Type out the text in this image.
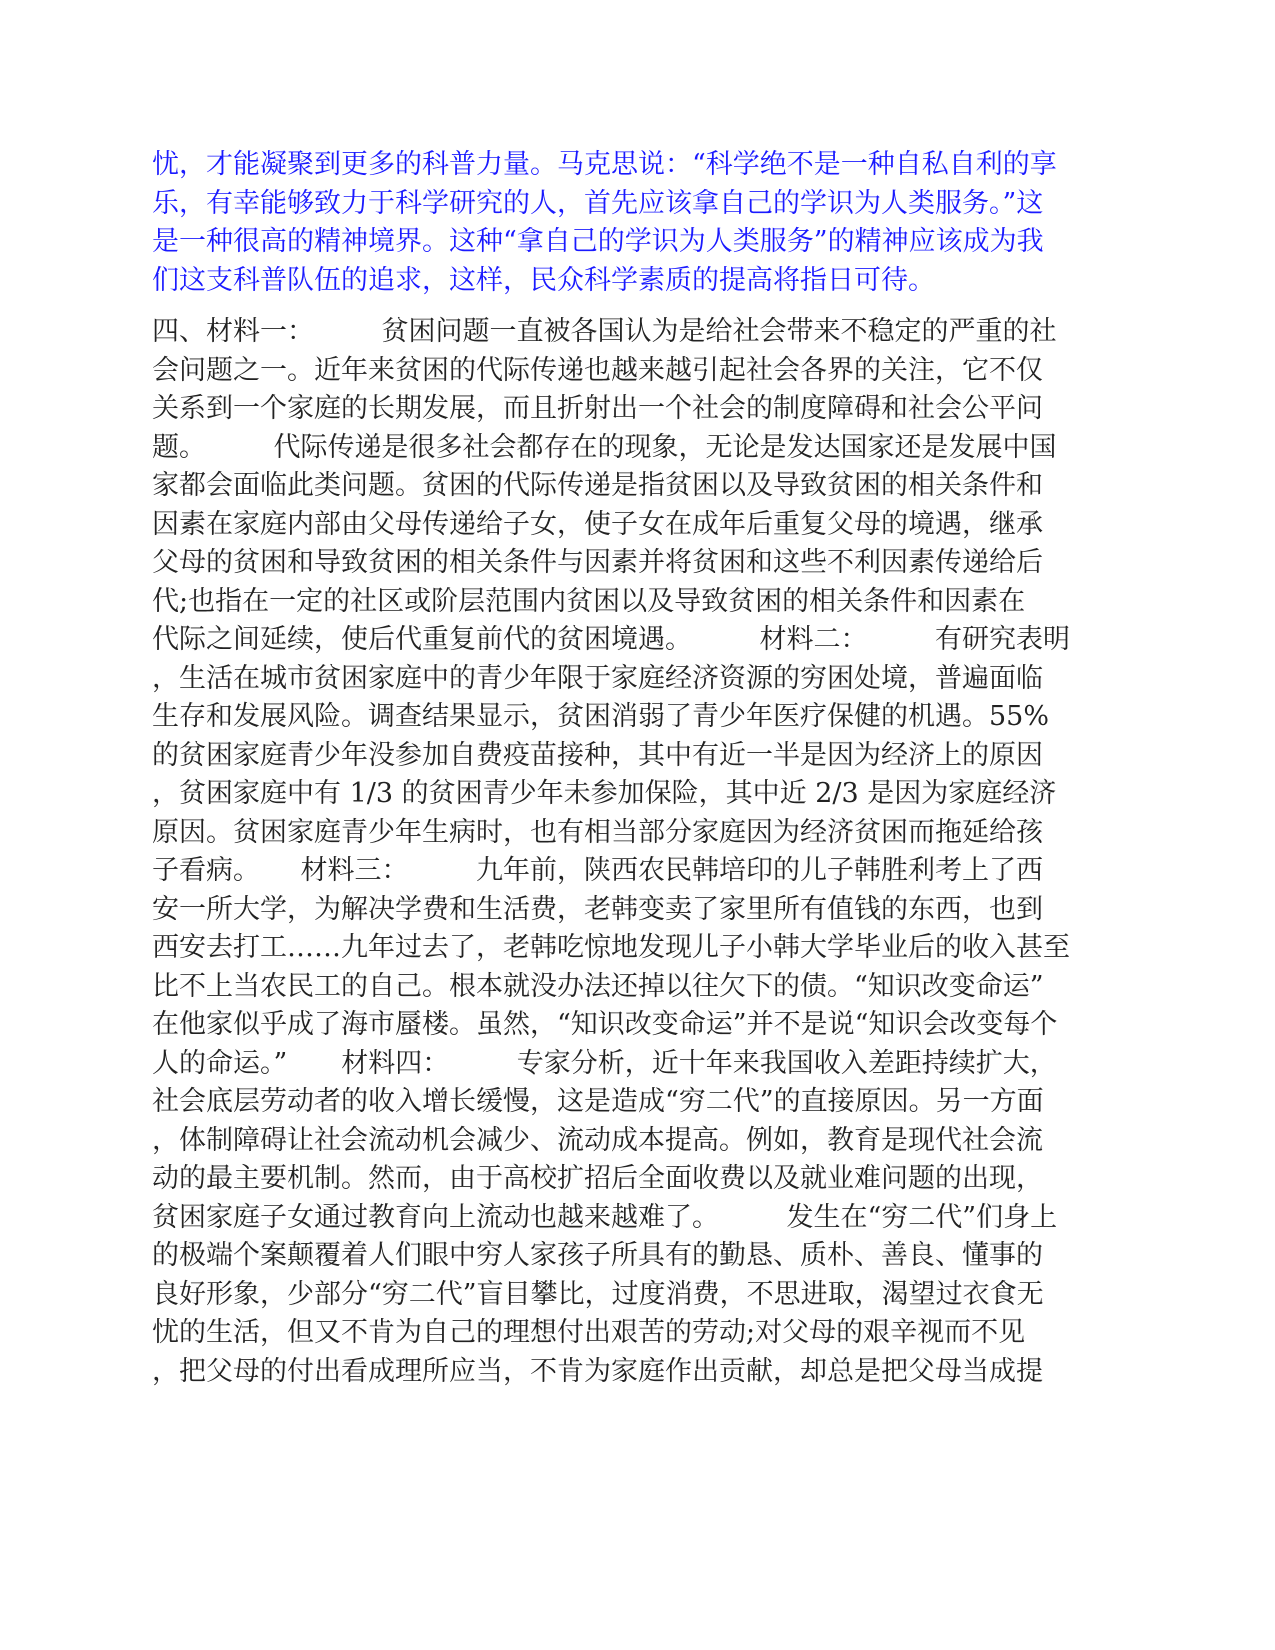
忧，才能凝聚到更多的科普力量。马克思说：“科学绝不是一种自私自利的享
乐，有幸能够致力于科学研究的人，首先应该拿自己的学识为人类服务。”这
是一种很高的精神境界。这种“拿自己的学识为人类服务”的精神应该成为我
们这支科普队伍的追求，这样，民众科学素质的提高将指日可待。
四、材料一：　　　贫困问题一直被各国认为是给社会带来不稳定的严重的社
会问题之一。近年来贫困的代际传递也越来越引起社会各界的关注，它不仅
关系到一个家庭的长期发展，而且折射出一个社会的制度障碍和社会公平问
题。　　　代际传递是很多社会都存在的现象，无论是发达国家还是发展中国
家都会面临此类问题。贫困的代际传递是指贫困以及导致贫困的相关条件和
因素在家庭内部由父母传递给子女，使子女在成年后重复父母的境遇，继承
父母的贫困和导致贫困的相关条件与因素并将贫困和这些不利因素传递给后
代;也指在一定的社区或阶层范围内贫困以及导致贫困的相关条件和因素在
代际之间延续，使后代重复前代的贫困境遇。　　　材料二：　　　有研究表明
，生活在城市贫困家庭中的青少年限于家庭经济资源的穷困处境，普遍面临
生存和发展风险。调查结果显示，贫困消弱了青少年医疗保健的机遇。55%
的贫困家庭青少年没参加自费疫苗接种，其中有近一半是因为经济上的原因
，贫困家庭中有 1/3 的贫困青少年未参加保险，其中近 2/3 是因为家庭经济
原因。贫困家庭青少年生病时，也有相当部分家庭因为经济贫困而拖延给孩
子看病。　　材料三：　　　九年前，陕西农民韩培印的儿子韩胜利考上了西
安一所大学，为解决学费和生活费，老韩变卖了家里所有值钱的东西，也到
西安去打工……九年过去了，老韩吃惊地发现儿子小韩大学毕业后的收入甚至
比不上当农民工的自己。根本就没办法还掉以往欠下的债。“知识改变命运”
在他家似乎成了海市蜃楼。虽然，“知识改变命运”并不是说“知识会改变每个
人的命运。”　　材料四：　　　专家分析，近十年来我国收入差距持续扩大，
社会底层劳动者的收入增长缓慢，这是造成“穷二代”的直接原因。另一方面
，体制障碍让社会流动机会减少、流动成本提高。例如，教育是现代社会流
动的最主要机制。然而，由于高校扩招后全面收费以及就业难问题的出现，
贫困家庭子女通过教育向上流动也越来越难了。　　　发生在“穷二代”们身上
的极端个案颠覆着人们眼中穷人家孩子所具有的勤恳、质朴、善良、懂事的
良好形象，少部分“穷二代”盲目攀比，过度消费，不思进取，渴望过衣食无
忧的生活，但又不肯为自己的理想付出艰苦的劳动;对父母的艰辛视而不见
，把父母的付出看成理所应当，不肯为家庭作出贡献，却总是把父母当成提
